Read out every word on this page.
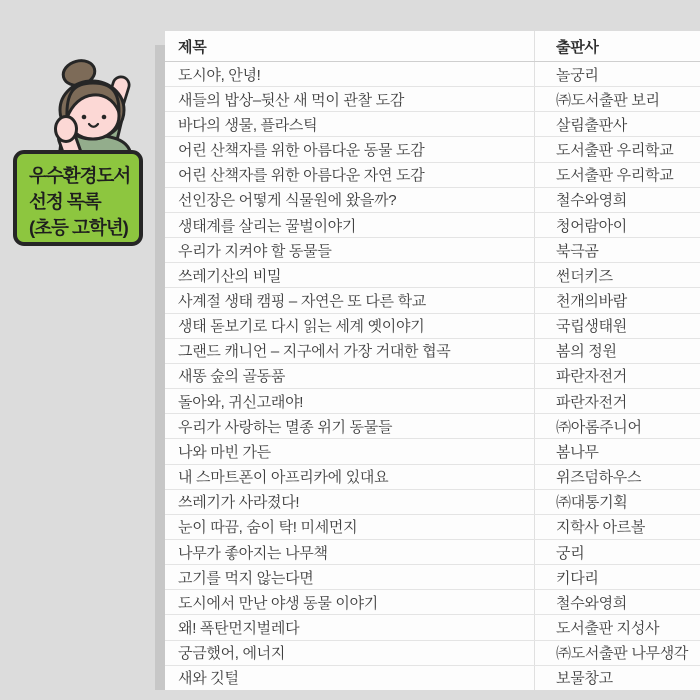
우수환경도서
선정 목록
(초등 고학년)
제목	출판사
도시야, 안녕!	놀궁리
새들의 밥상–뒷산 새 먹이 관찰 도감	㈜도서출판 보리
바다의 생물, 플라스틱	살림출판사
어린 산책자를 위한 아름다운 동물 도감	도서출판 우리학교
어린 산책자를 위한 아름다운 자연 도감	도서출판 우리학교
선인장은 어떻게 식물원에 왔을까?	철수와영희
생태계를 살리는 꿀벌이야기	청어람아이
우리가 지켜야 할 동물들	북극곰
쓰레기산의 비밀	썬더키즈
사계절 생태 캠핑 – 자연은 또 다른 학교	천개의바람
생태 돋보기로 다시 읽는 세계 옛이야기	국립생태원
그랜드 캐니언 – 지구에서 가장 거대한 협곡	봄의 정원
새똥 숲의 골동품	파란자전거
돌아와, 귀신고래야!	파란자전거
우리가 사랑하는 멸종 위기 동물들	㈜아롬주니어
나와 마빈 가든	봄나무
내 스마트폰이 아프리카에 있대요	위즈덤하우스
쓰레기가 사라졌다!	㈜대통기획
눈이 따끔, 숨이 탁! 미세먼지	지학사 아르볼
나무가 좋아지는 나무책	궁리
고기를 먹지 않는다면	키다리
도시에서 만난 야생 동물 이야기	철수와영희
왜! 폭탄먼지벌레다	도서출판 지성사
궁금했어, 에너지	㈜도서출판 나무생각
새와 깃털	보물창고
